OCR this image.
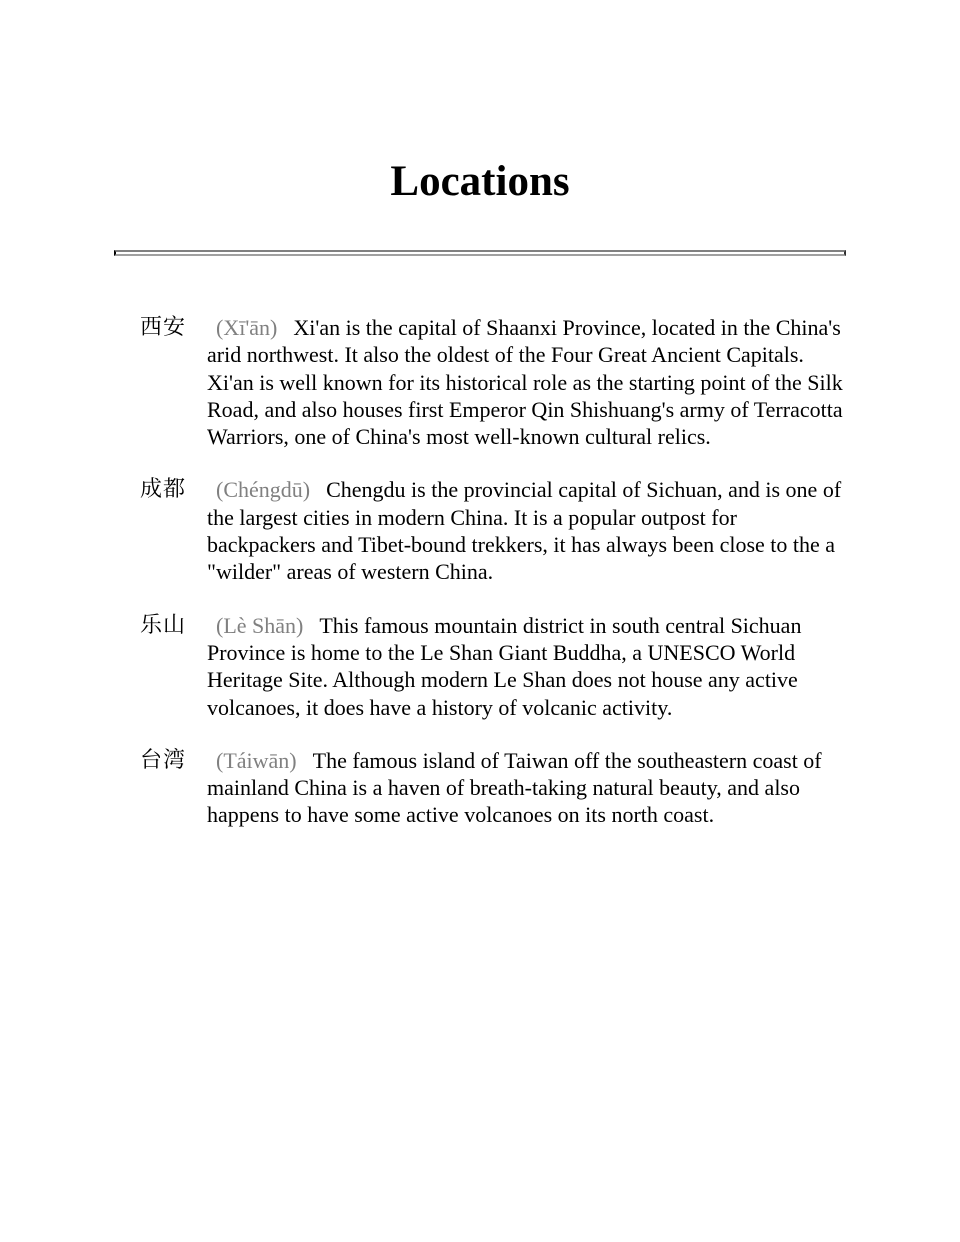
Locations
西安 (Xī'ān) Xi'an is the capital of Shaanxi Province, located in the China's arid northwest. It also the oldest of the Four Great Ancient Capitals. Xi'an is well known for its historical role as the starting point of the Silk Road, and also houses first Emperor Qin Shishuang's army of Terracotta Warriors, one of China's most well-known cultural relics.
成都 (Chéngdū) Chengdu is the provincial capital of Sichuan, and is one of the largest cities in modern China. It is a popular outpost for backpackers and Tibet-bound trekkers, it has always been close to the a "wilder" areas of western China.
乐山 (Lè Shān) This famous mountain district in south central Sichuan Province is home to the Le Shan Giant Buddha, a UNESCO World Heritage Site. Although modern Le Shan does not house any active volcanoes, it does have a history of volcanic activity.
台湾 (Táiwān) The famous island of Taiwan off the southeastern coast of mainland China is a haven of breath-taking natural beauty, and also happens to have some active volcanoes on its north coast.
